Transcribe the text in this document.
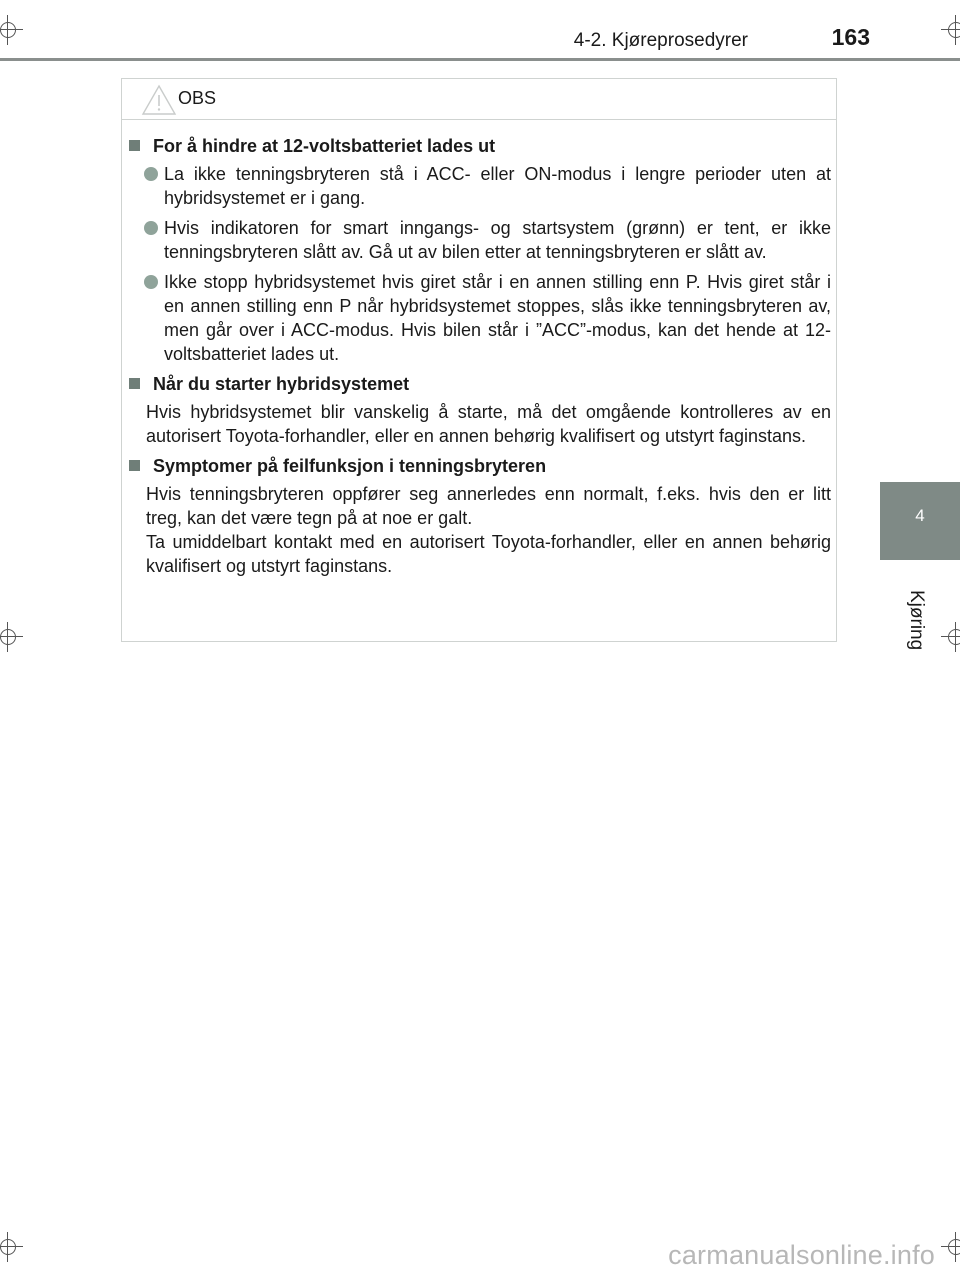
4-2. Kjøreprosedyrer	163
4
Kjøring
OBS
For å hindre at 12-voltsbatteriet lades ut
La ikke tenningsbryteren stå i ACC- eller ON-modus i lengre perioder uten at hybridsystemet er i gang.
Hvis indikatoren for smart inngangs- og startsystem (grønn) er tent, er ikke tenningsbryteren slått av. Gå ut av bilen etter at tenningsbryteren er slått av.
Ikke stopp hybridsystemet hvis giret står i en annen stilling enn P. Hvis giret står i en annen stilling enn P når hybridsystemet stoppes, slås ikke tenningsbryteren av, men går over i ACC-modus. Hvis bilen står i ”ACC”-modus, kan det hende at 12-voltsbatteriet lades ut.
Når du starter hybridsystemet
Hvis hybridsystemet blir vanskelig å starte, må det omgående kontrolleres av en autorisert Toyota-forhandler, eller en annen behørig kvalifisert og utstyrt faginstans.
Symptomer på feilfunksjon i tenningsbryteren
Hvis tenningsbryteren oppfører seg annerledes enn normalt, f.eks. hvis den er litt treg, kan det være tegn på at noe er galt.
Ta umiddelbart kontakt med en autorisert Toyota-forhandler, eller en annen behørig kvalifisert og utstyrt faginstans.
carmanualsonline.info
